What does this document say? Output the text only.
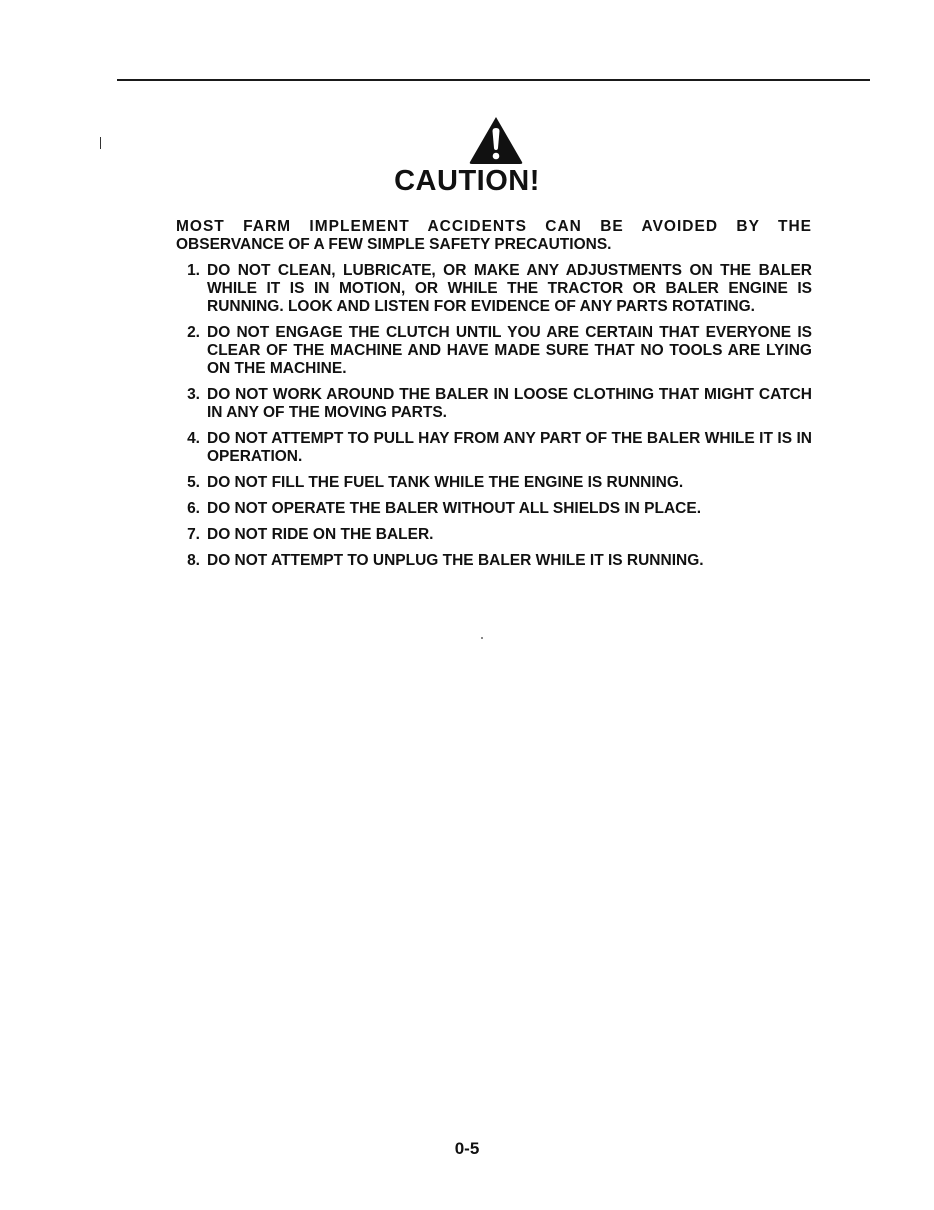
CAUTION!

MOST FARM IMPLEMENT ACCIDENTS CAN BE AVOIDED BY THE
OBSERVANCE OF A FEW SIMPLE SAFETY PRECAUTIONS.

1. DO NOT CLEAN, LUBRICATE, OR MAKE ANY ADJUSTMENTS ON THE BALER WHILE IT IS IN MOTION, OR WHILE THE TRACTOR OR BALER ENGINE IS RUNNING. LOOK AND LISTEN FOR EVIDENCE OF ANY PARTS ROTATING.
2. DO NOT ENGAGE THE CLUTCH UNTIL YOU ARE CERTAIN THAT EVERYONE IS CLEAR OF THE MACHINE AND HAVE MADE SURE THAT NO TOOLS ARE LYING ON THE MACHINE.
3. DO NOT WORK AROUND THE BALER IN LOOSE CLOTHING THAT MIGHT CATCH IN ANY OF THE MOVING PARTS.
4. DO NOT ATTEMPT TO PULL HAY FROM ANY PART OF THE BALER WHILE IT IS IN OPERATION.
5. DO NOT FILL THE FUEL TANK WHILE THE ENGINE IS RUNNING.
6. DO NOT OPERATE THE BALER WITHOUT ALL SHIELDS IN PLACE.
7. DO NOT RIDE ON THE BALER.
8. DO NOT ATTEMPT TO UNPLUG THE BALER WHILE IT IS RUNNING.
0-5
